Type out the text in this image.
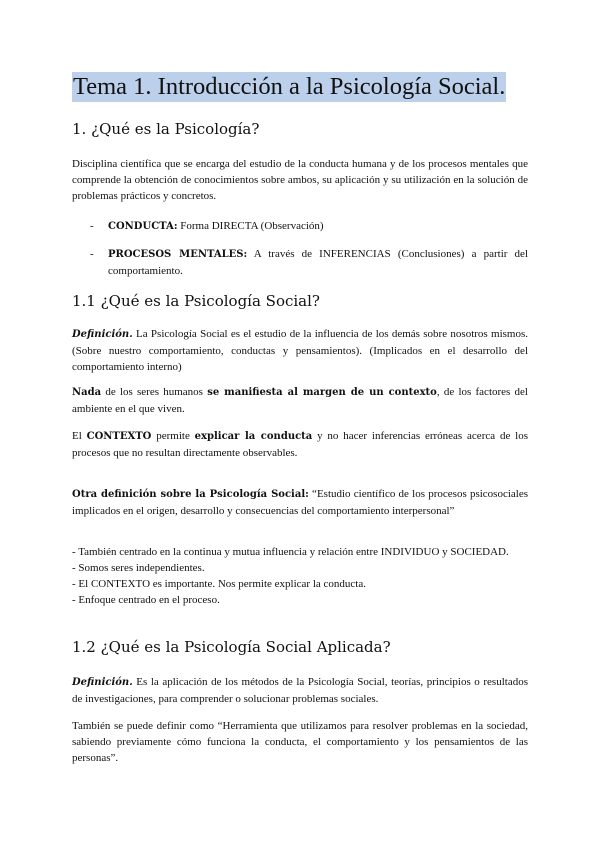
Tema 1. Introducción a la Psicología Social.
1. ¿Qué es la Psicología?
Disciplina científica que se encarga del estudio de la conducta humana y de los procesos mentales que comprende la obtención de conocimientos sobre ambos, su aplicación y su utilización en la solución de problemas prácticos y concretos.
- CONDUCTA: Forma DIRECTA (Observación)
- PROCESOS MENTALES: A través de INFERENCIAS (Conclusiones) a partir del comportamiento.
1.1 ¿Qué es la Psicología Social?
Definición. La Psicología Social es el estudio de la influencia de los demás sobre nosotros mismos. (Sobre nuestro comportamiento, conductas y pensamientos). (Implicados en el desarrollo del comportamiento interno)
Nada de los seres humanos se manifiesta al margen de un contexto, de los factores del ambiente en el que viven.
El CONTEXTO permite explicar la conducta y no hacer inferencias erróneas acerca de los procesos que no resultan directamente observables.
Otra definición sobre la Psicología Social: “Estudio científico de los procesos psicosociales implicados en el origen, desarrollo y consecuencias del comportamiento interpersonal”
- También centrado en la continua y mutua influencia y relación entre INDIVIDUO y SOCIEDAD.
- Somos seres independientes.
- El CONTEXTO es importante. Nos permite explicar la conducta.
- Enfoque centrado en el proceso.
1.2 ¿Qué es la Psicología Social Aplicada?
Definición. Es la aplicación de los métodos de la Psicología Social, teorías, principios o resultados de investigaciones, para comprender o solucionar problemas sociales.
También se puede definir como “Herramienta que utilizamos para resolver problemas en la sociedad, sabiendo previamente cómo funciona la conducta, el comportamiento y los pensamientos de las personas”.
